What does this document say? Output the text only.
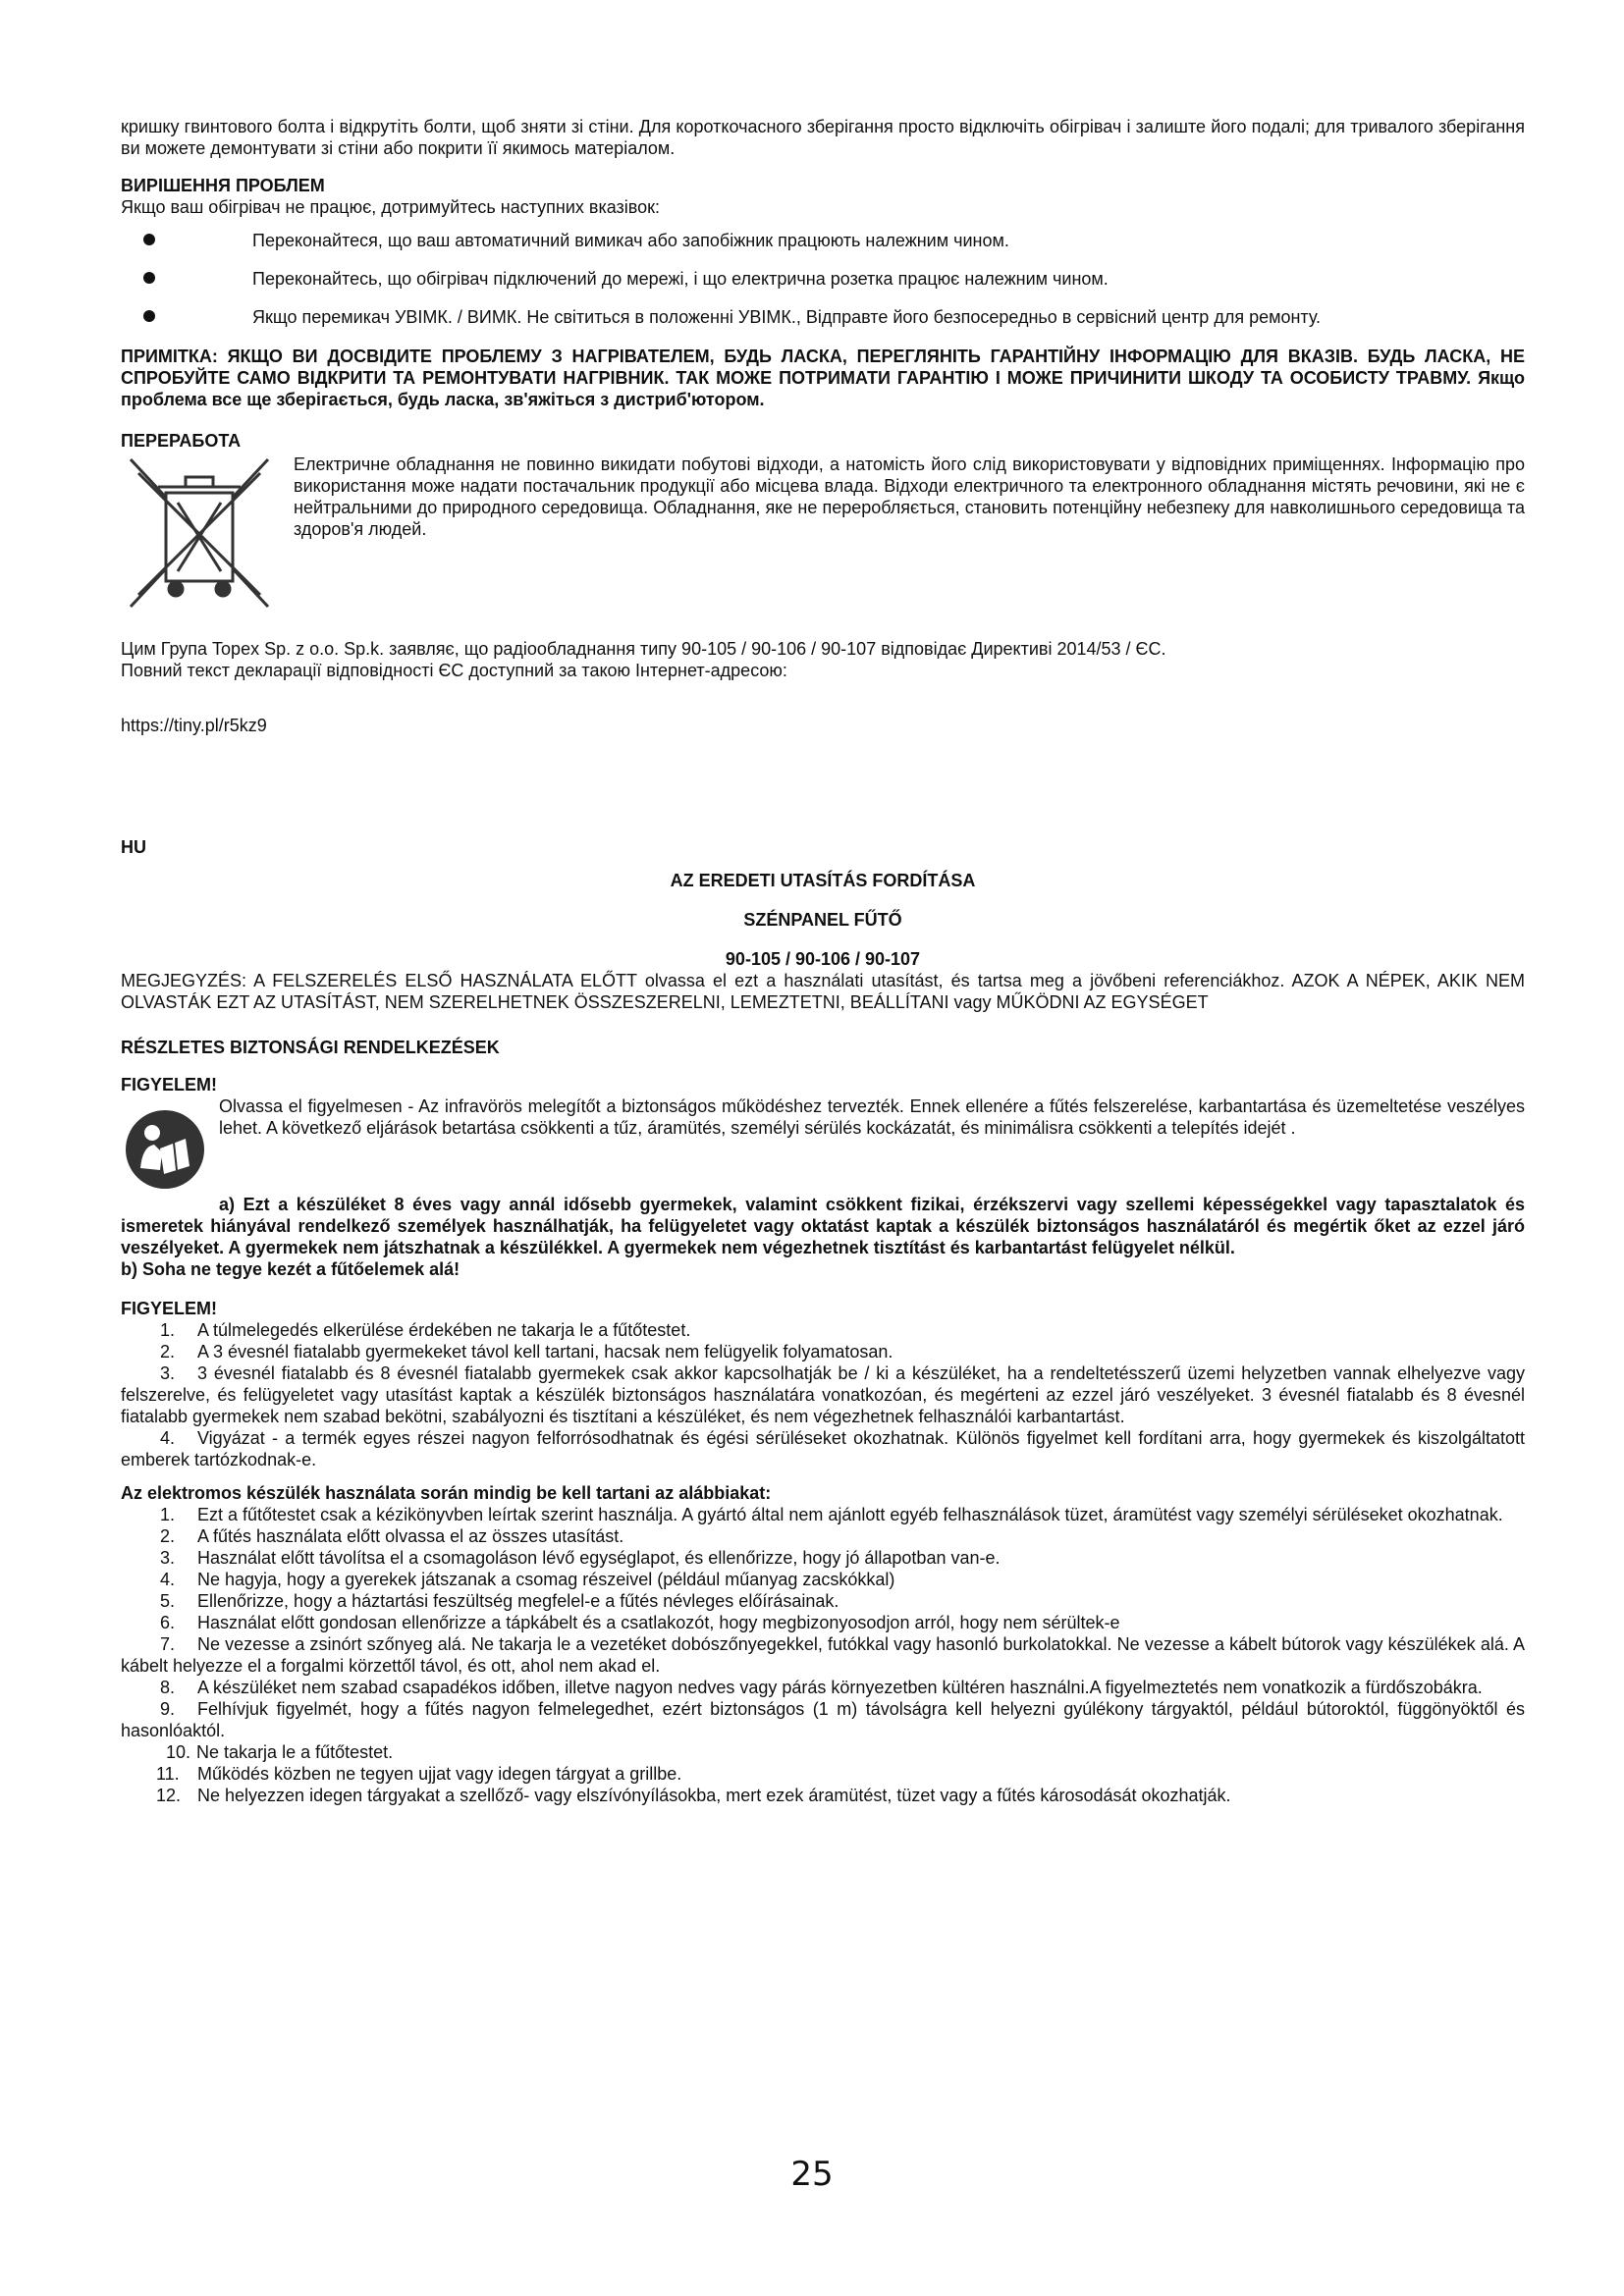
кришку гвинтового болта і відкрутіть болти, щоб зняти зі стіни. Для короткочасного зберігання просто відключіть обігрівач і залиште його подалі; для тривалого зберігання ви можете демонтувати зі стіни або покрити її якимось матеріалом.

ВИРІШЕННЯ ПРОБЛЕМ

Якщо ваш обігрівач не працює, дотримуйтесь наступних вказівок:

Переконайтеся, що ваш автоматичний вимикач або запобіжник працюють належним чином.
Переконайтесь, що обігрівач підключений до мережі, і що електрична розетка працює належним чином.
Якщо перемикач УВІМК. / ВИМК. Не світиться в положенні УВІМК., Відправте його безпосередньо в сервісний центр для ремонту.

ПРИМІТКА: ЯКЩО ВИ ДОСВІДИТЕ ПРОБЛЕМУ З НАГРІВАТЕЛЕМ, БУДЬ ЛАСКА, ПЕРЕГЛЯНІТЬ ГАРАНТІЙНУ ІНФОРМАЦІЮ ДЛЯ ВКАЗІВ. БУДЬ ЛАСКА, НЕ СПРОБУЙТЕ САМО ВІДКРИТИ ТА РЕМОНТУВАТИ НАГРІВНИК. ТАК МОЖЕ ПОТРИМАТИ ГАРАНТІЮ І МОЖЕ ПРИЧИНИТИ ШКОДУ ТА ОСОБИСТУ ТРАВМУ. Якщо проблема все ще зберігається, будь ласка, зв'яжіться з дистриб'ютором.

ПЕРЕРАБОТА

Електричне обладнання не повинно викидати побутові відходи, а натомість його слід використовувати у відповідних приміщеннях. Інформацію про використання може надати постачальник продукції або місцева влада. Відходи електричного та електронного обладнання містять речовини, які не є нейтральними до природного середовища. Обладнання, яке не переробляється, становить потенційну небезпеку для навколишнього середовища та здоров'я людей.

Цим Група Topex Sp. z o.o. Sp.k. заявляє, що радіообладнання типу 90-105 / 90-106 / 90-107 відповідає Директиві 2014/53 / ЄС.

Повний текст декларації відповідності ЄС доступний за такою Інтернет-адресою:

https://tiny.pl/r5kz9

HU

AZ EREDETI UTASÍTÁS FORDÍTÁSA

SZÉNPANEL FŰTŐ

90-105 / 90-106 / 90-107

MEGJEGYZÉS: A FELSZERELÉS ELSŐ HASZNÁLATA ELŐTT olvassa el ezt a használati utasítást, és tartsa meg a jövőbeni referenciákhoz. AZOK A NÉPEK, AKIK NEM OLVASTÁK EZT AZ UTASÍTÁST, NEM SZERELHETNEK ÖSSZESZERELNI, LEMEZTETNI, BEÁLLÍTANI vagy MŰKÖDNI AZ EGYSÉGET

RÉSZLETES BIZTONSÁGI RENDELKEZÉSEK

FIGYELEM!

Olvassa el figyelmesen - Az infravörös melegítőt a biztonságos működéshez tervezték. Ennek ellenére a fűtés felszerelése, karbantartása és üzemeltetése veszélyes lehet. A következő eljárások betartása csökkenti a tűz, áramütés, személyi sérülés kockázatát, és minimálisra csökkenti a telepítés idejét .

a) Ezt a készüléket 8 éves vagy annál idősebb gyermekek, valamint csökkent fizikai, érzékszervi vagy szellemi képességekkel vagy tapasztalatok és ismeretek hiányával rendelkező személyek használhatják, ha felügyeletet vagy oktatást kaptak a készülék biztonságos használatáról és megértik őket az ezzel járó veszélyeket. A gyermekek nem játszhatnak a készülékkel. A gyermekek nem végezhetnek tisztítást és karbantartást felügyelet nélkül.

b) Soha ne tegye kezét a fűtőelemek alá!

FIGYELEM!

1. A túlmelegedés elkerülése érdekében ne takarja le a fűtőtestet.
2. A 3 évesnél fiatalabb gyermekeket távol kell tartani, hacsak nem felügyelik folyamatosan.
3. 3 évesnél fiatalabb és 8 évesnél fiatalabb gyermekek csak akkor kapcsolhatják be / ki a készüléket, ha a rendeltetésszerű üzemi helyzetben vannak elhelyezve vagy felszerelve, és felügyeletet vagy utasítást kaptak a készülék biztonságos használatára vonatkozóan, és megérteni az ezzel járó veszélyeket. 3 évesnél fiatalabb és 8 évesnél fiatalabb gyermekek nem szabad bekötni, szabályozni és tisztítani a készüléket, és nem végezhetnek felhasználói karbantartást.
4. Vigyázat - a termék egyes részei nagyon felforrósodhatnak és égési sérüléseket okozhatnak. Különös figyelmet kell fordítani arra, hogy gyermekek és kiszolgáltatott emberek tartózkodnak-e.

Az elektromos készülék használata során mindig be kell tartani az alábbiakat:

1. Ezt a fűtőtestet csak a kézikönyvben leírtak szerint használja. A gyártó által nem ajánlott egyéb felhasználások tüzet, áramütést vagy személyi sérüléseket okozhatnak.
2. A fűtés használata előtt olvassa el az összes utasítást.
3. Használat előtt távolítsa el a csomagoláson lévő egységlapot, és ellenőrizze, hogy jó állapotban van-e.
4. Ne hagyja, hogy a gyerekek játszanak a csomag részeivel (például műanyag zacskókkal)
5. Ellenőrizze, hogy a háztartási feszültség megfelel-e a fűtés névleges előírásainak.
6. Használat előtt gondosan ellenőrizze a tápkábelt és a csatlakozót, hogy megbizonyosodjon arról, hogy nem sérültek-e
7. Ne vezesse a zsinórt szőnyeg alá. Ne takarja le a vezetéket dobószőnyegekkel, futókkal vagy hasonló burkolatokkal. Ne vezesse a kábelt bútorok vagy készülékek alá. A kábelt helyezze el a forgalmi körzettől távol, és ott, ahol nem akad el.
8. A készüléket nem szabad csapadékos időben, illetve nagyon nedves vagy párás környezetben kültéren használni.A figyelmeztetés nem vonatkozik a fürdőszobákra.
9. Felhívjuk figyelmét, hogy a fűtés nagyon felmelegedhet, ezért biztonságos (1 m) távolságra kell helyezni gyúlékony tárgyaktól, például bútoroktól, függönyöktől és hasonlóaktól.
10. Ne takarja le a fűtőtestet.
11. Működés közben ne tegyen ujjat vagy idegen tárgyat a grillbe.
12. Ne helyezzen idegen tárgyakat a szellőző- vagy elszívónyílásokba, mert ezek áramütést, tüzet vagy a fűtés károsodását okozhatják.
25
